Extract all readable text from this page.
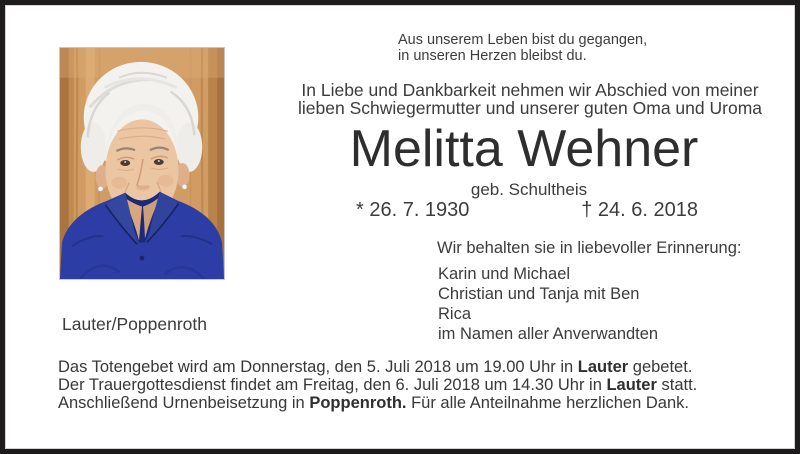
Lauter/Poppenroth
Aus unserem Leben bist du gegangen,
in unseren Herzen bleibst du.
In Liebe und Dankbarkeit nehmen wir Abschied von meiner
lieben Schwiegermutter und unserer guten Oma und Uroma
Melitta Wehner
geb. Schultheis
* 26. 7. 1930	† 24. 6. 2018
Wir behalten sie in liebevoller Erinnerung:
Karin und Michael
Christian und Tanja mit Ben
Rica
im Namen aller Anverwandten
Das Totengebet wird am Donnerstag, den 5. Juli 2018 um 19.00 Uhr in Lauter gebetet.
Der Trauergottesdienst findet am Freitag, den 6. Juli 2018 um 14.30 Uhr in Lauter statt.
Anschließend Urnenbeisetzung in Poppenroth. Für alle Anteilnahme herzlichen Dank.
